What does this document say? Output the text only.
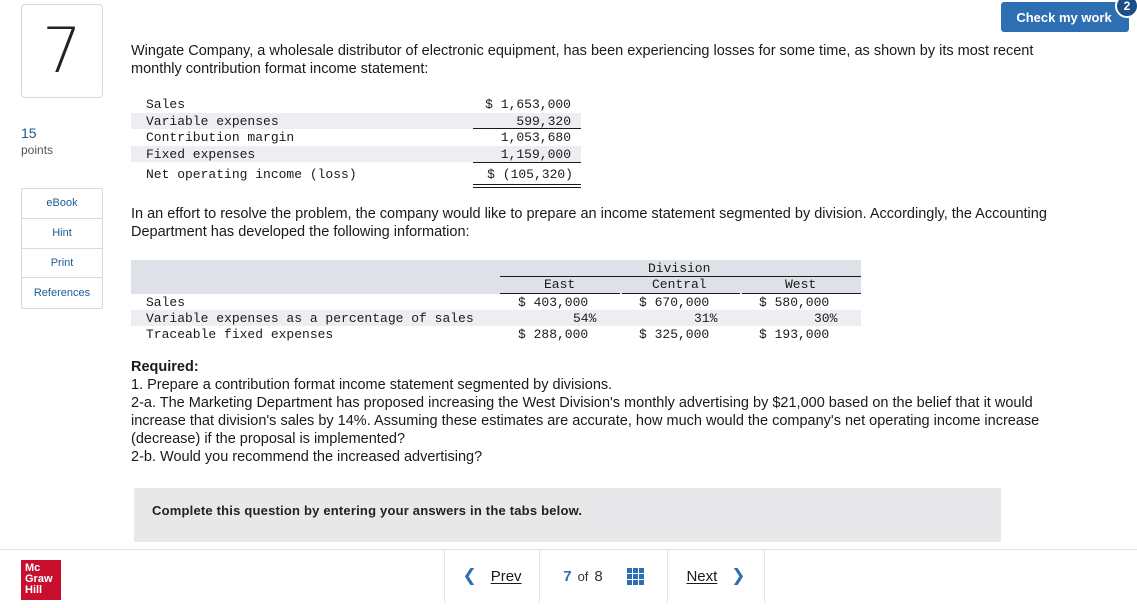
7
15
points
eBook
Hint
Print
References
Check my work
2
Wingate Company, a wholesale distributor of electronic equipment, has been experiencing losses for some time, as shown by its most recent monthly contribution format income statement:
Sales	$ 1,653,000
Variable expenses	599,320
Contribution margin	1,053,680
Fixed expenses	1,159,000
Net operating income (loss)	$ (105,320)
In an effort to resolve the problem, the company would like to prepare an income statement segmented by division. Accordingly, the Accounting Department has developed the following information:
Division
East	Central	West
Sales	$ 403,000	$ 670,000	$ 580,000
Variable expenses as a percentage of sales	54%	31%	30%
Traceable fixed expenses	$ 288,000	$ 325,000	$ 193,000
Required:
1. Prepare a contribution format income statement segmented by divisions.
2-a. The Marketing Department has proposed increasing the West Division's monthly advertising by $21,000 based on the belief that it would increase that division's sales by 14%. Assuming these estimates are accurate, how much would the company's net operating income increase (decrease) if the proposal is implemented?
2-b. Would you recommend the increased advertising?
Complete this question by entering your answers in the tabs below.
Mc
Graw
Hill
❮ Prev	7 of 8	Next ❯
